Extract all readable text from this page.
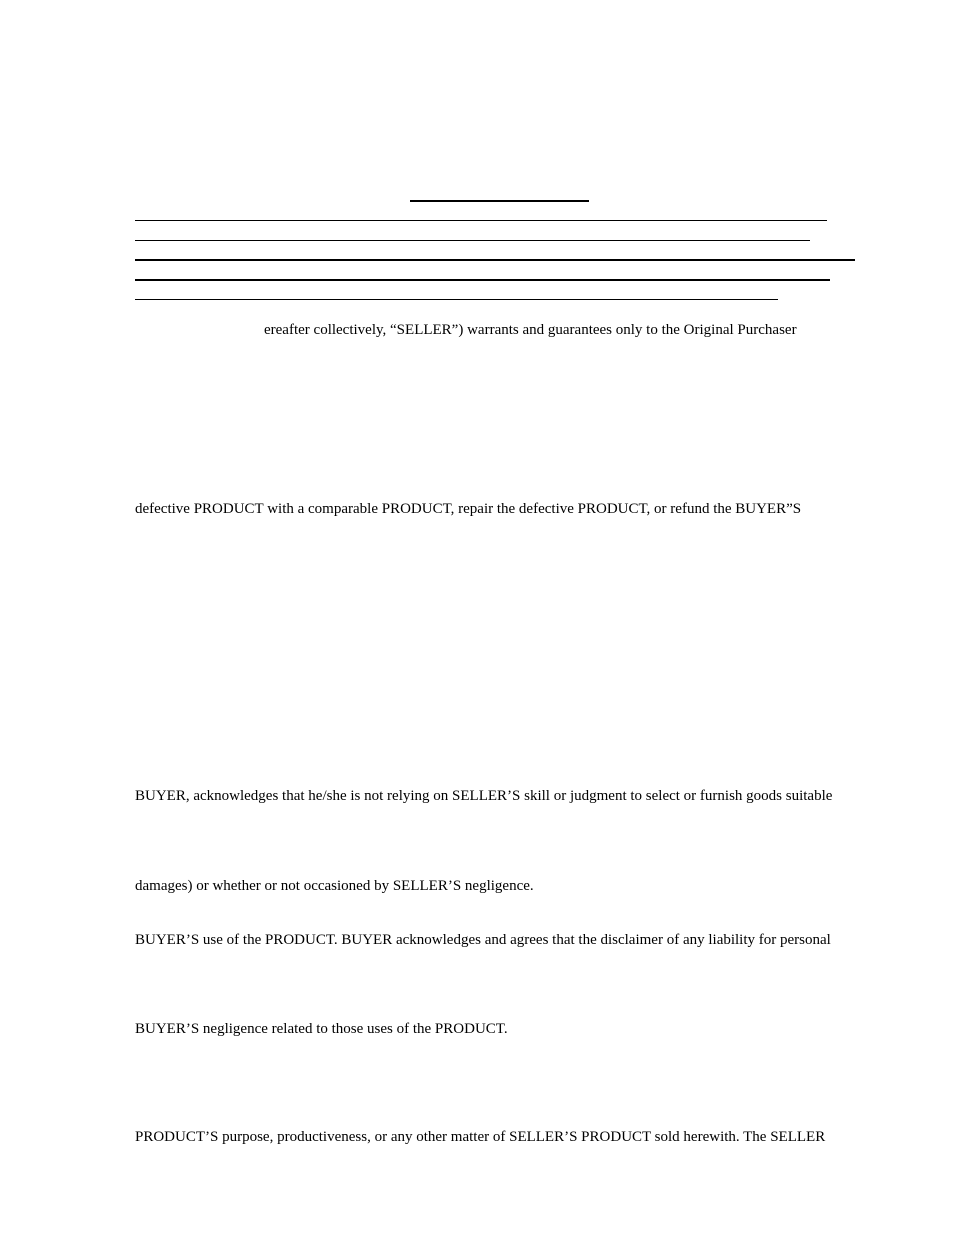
ereafter collectively, “SELLER”) warrants and guarantees only to the Original Purchaser
defective PRODUCT with a comparable PRODUCT, repair the defective PRODUCT, or refund the BUYER”S
BUYER, acknowledges that he/she is not relying on SELLER’S skill or judgment to select or furnish goods suitable
damages) or whether or not occasioned by SELLER’S negligence.
BUYER’S use of the PRODUCT. BUYER acknowledges and agrees that the disclaimer of any liability for personal
BUYER’S negligence related to those uses of the PRODUCT.
PRODUCT’S purpose, productiveness, or any other matter of SELLER’S PRODUCT sold herewith. The SELLER
